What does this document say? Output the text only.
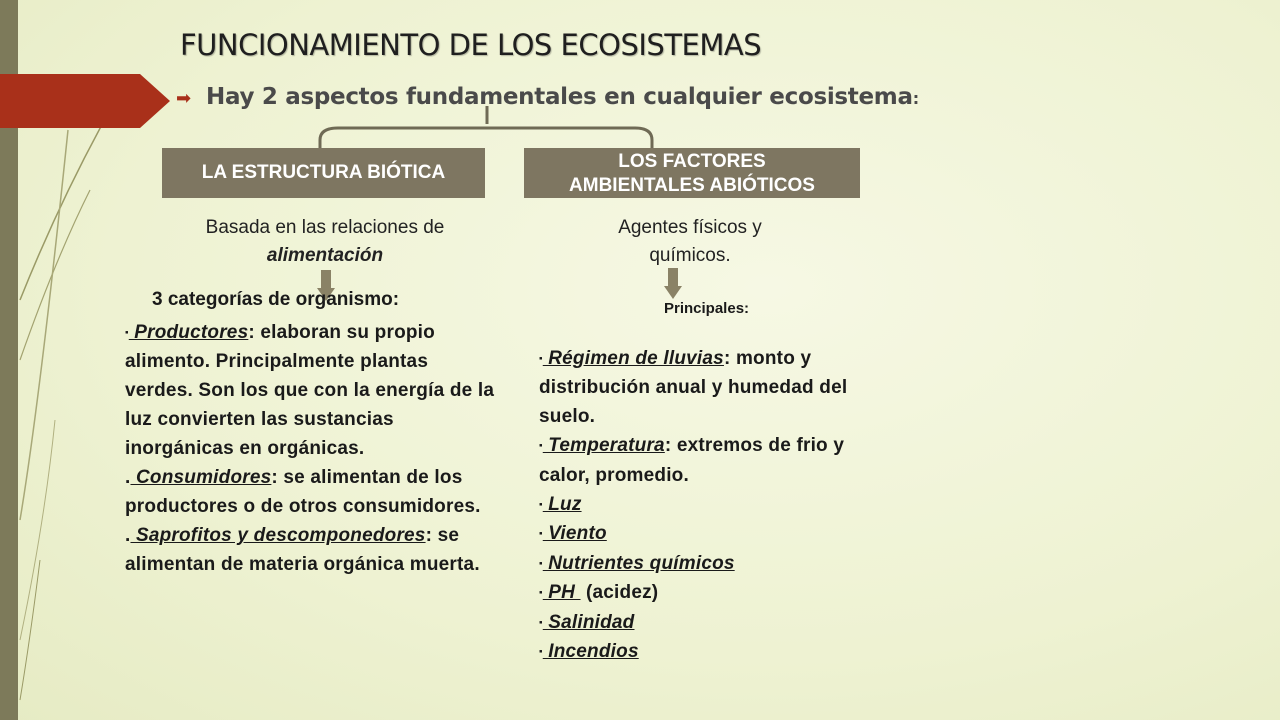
FUNCIONAMIENTO DE LOS ECOSISTEMAS
➡ Hay 2 aspectos fundamentales en cualquier ecosistema:
LA ESTRUCTURA BIÓTICA
LOS FACTORES
AMBIENTALES ABIÓTICOS
Basada en las relaciones de
alimentación
Agentes físicos y
químicos.
3 categorías de organismo:	Principales:
▪ Productores: elaboran su propio alimento. Principalmente plantas verdes. Son los que con la energía de la luz convierten las sustancias inorgánicas en orgánicas.
. Consumidores: se alimentan de los productores o de otros consumidores.
. Saprofitos y descomponedores: se alimentan de materia orgánica muerta.
▪ Régimen de lluvias: monto y distribución anual y humedad del suelo.
▪ Temperatura: extremos de frio y   calor, promedio.
▪ Luz
▪ Viento
▪ Nutrientes químicos
▪ PH  (acidez)
▪ Salinidad
▪ Incendios
